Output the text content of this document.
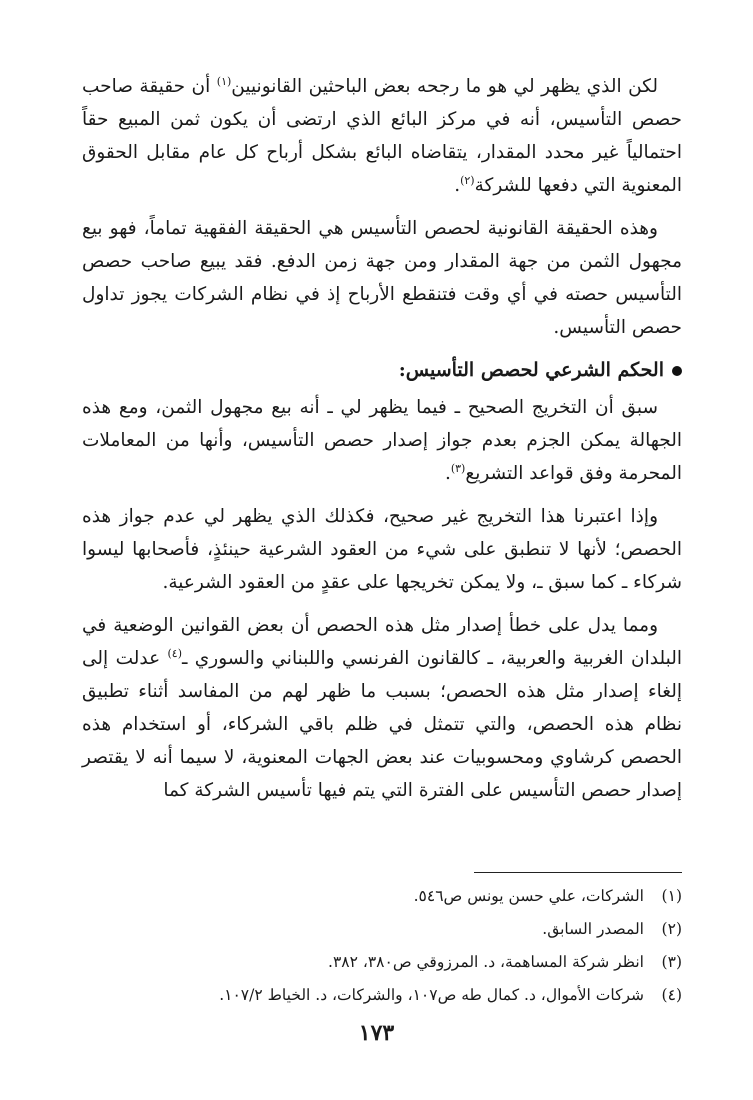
لكن الذي يظهر لي هو ما رجحه بعض الباحثين القانونيين$^{(١)}$ أن حقيقة صاحب حصص التأسيس، أنه في مركز البائع الذي ارتضى أن يكون ثمن المبيع حقاً احتمالياً غير محدد المقدار، يتقاضاه البائع بشكل أرباح كل عام مقابل الحقوق المعنوية التي دفعها للشركة$^{(٢)}$.

وهذه الحقيقة القانونية لحصص التأسيس هي الحقيقة الفقهية تماماً، فهو بيع مجهول الثمن من جهة المقدار ومن جهة زمن الدفع. فقد يبيع صاحب حصص التأسيس حصته في أي وقت فتنقطع الأرباح إذ في نظام الشركات يجوز تداول حصص التأسيس.

الحكم الشرعي لحصص التأسيس:

سبق أن التخريج الصحيح ـ فيما يظهر لي ـ أنه بيع مجهول الثمن، ومع هذه الجهالة يمكن الجزم بعدم جواز إصدار حصص التأسيس، وأنها من المعاملات المحرمة وفق قواعد التشريع$^{(٣)}$.

وإذا اعتبرنا هذا التخريج غير صحيح، فكذلك الذي يظهر لي عدم جواز هذه الحصص؛ لأنها لا تنطبق على شيء من العقود الشرعية حينئذٍ، فأصحابها ليسوا شركاء ـ كما سبق ـ، ولا يمكن تخريجها على عقدٍ من العقود الشرعية.

ومما يدل على خطأ إصدار مثل هذه الحصص أن بعض القوانين الوضعية في البلدان الغربية والعربية، ـ كالقانون الفرنسي واللبناني والسوري ـ$^{(٤)}$ عدلت إلى إلغاء إصدار مثل هذه الحصص؛ بسبب ما ظهر لهم من المفاسد أثناء تطبيق نظام هذه الحصص، والتي تتمثل في ظلم باقي الشركاء، أو استخدام هذه الحصص كرشاوي ومحسوبيات عند بعض الجهات المعنوية، لا سيما أنه لا يقتصر إصدار حصص التأسيس على الفترة التي يتم فيها تأسيس الشركة كما

(١)
الشركات، علي حسن يونس ص٥٤٦.
(٢)
المصدر السابق.
(٣)
انظر شركة المساهمة، د. المرزوقي ص٣٨٠، ٣٨٢.
(٤)
شركات الأموال، د. كمال طه ص١٠٧، والشركات، د. الخياط ١٠٧/٢.
١٧٣
